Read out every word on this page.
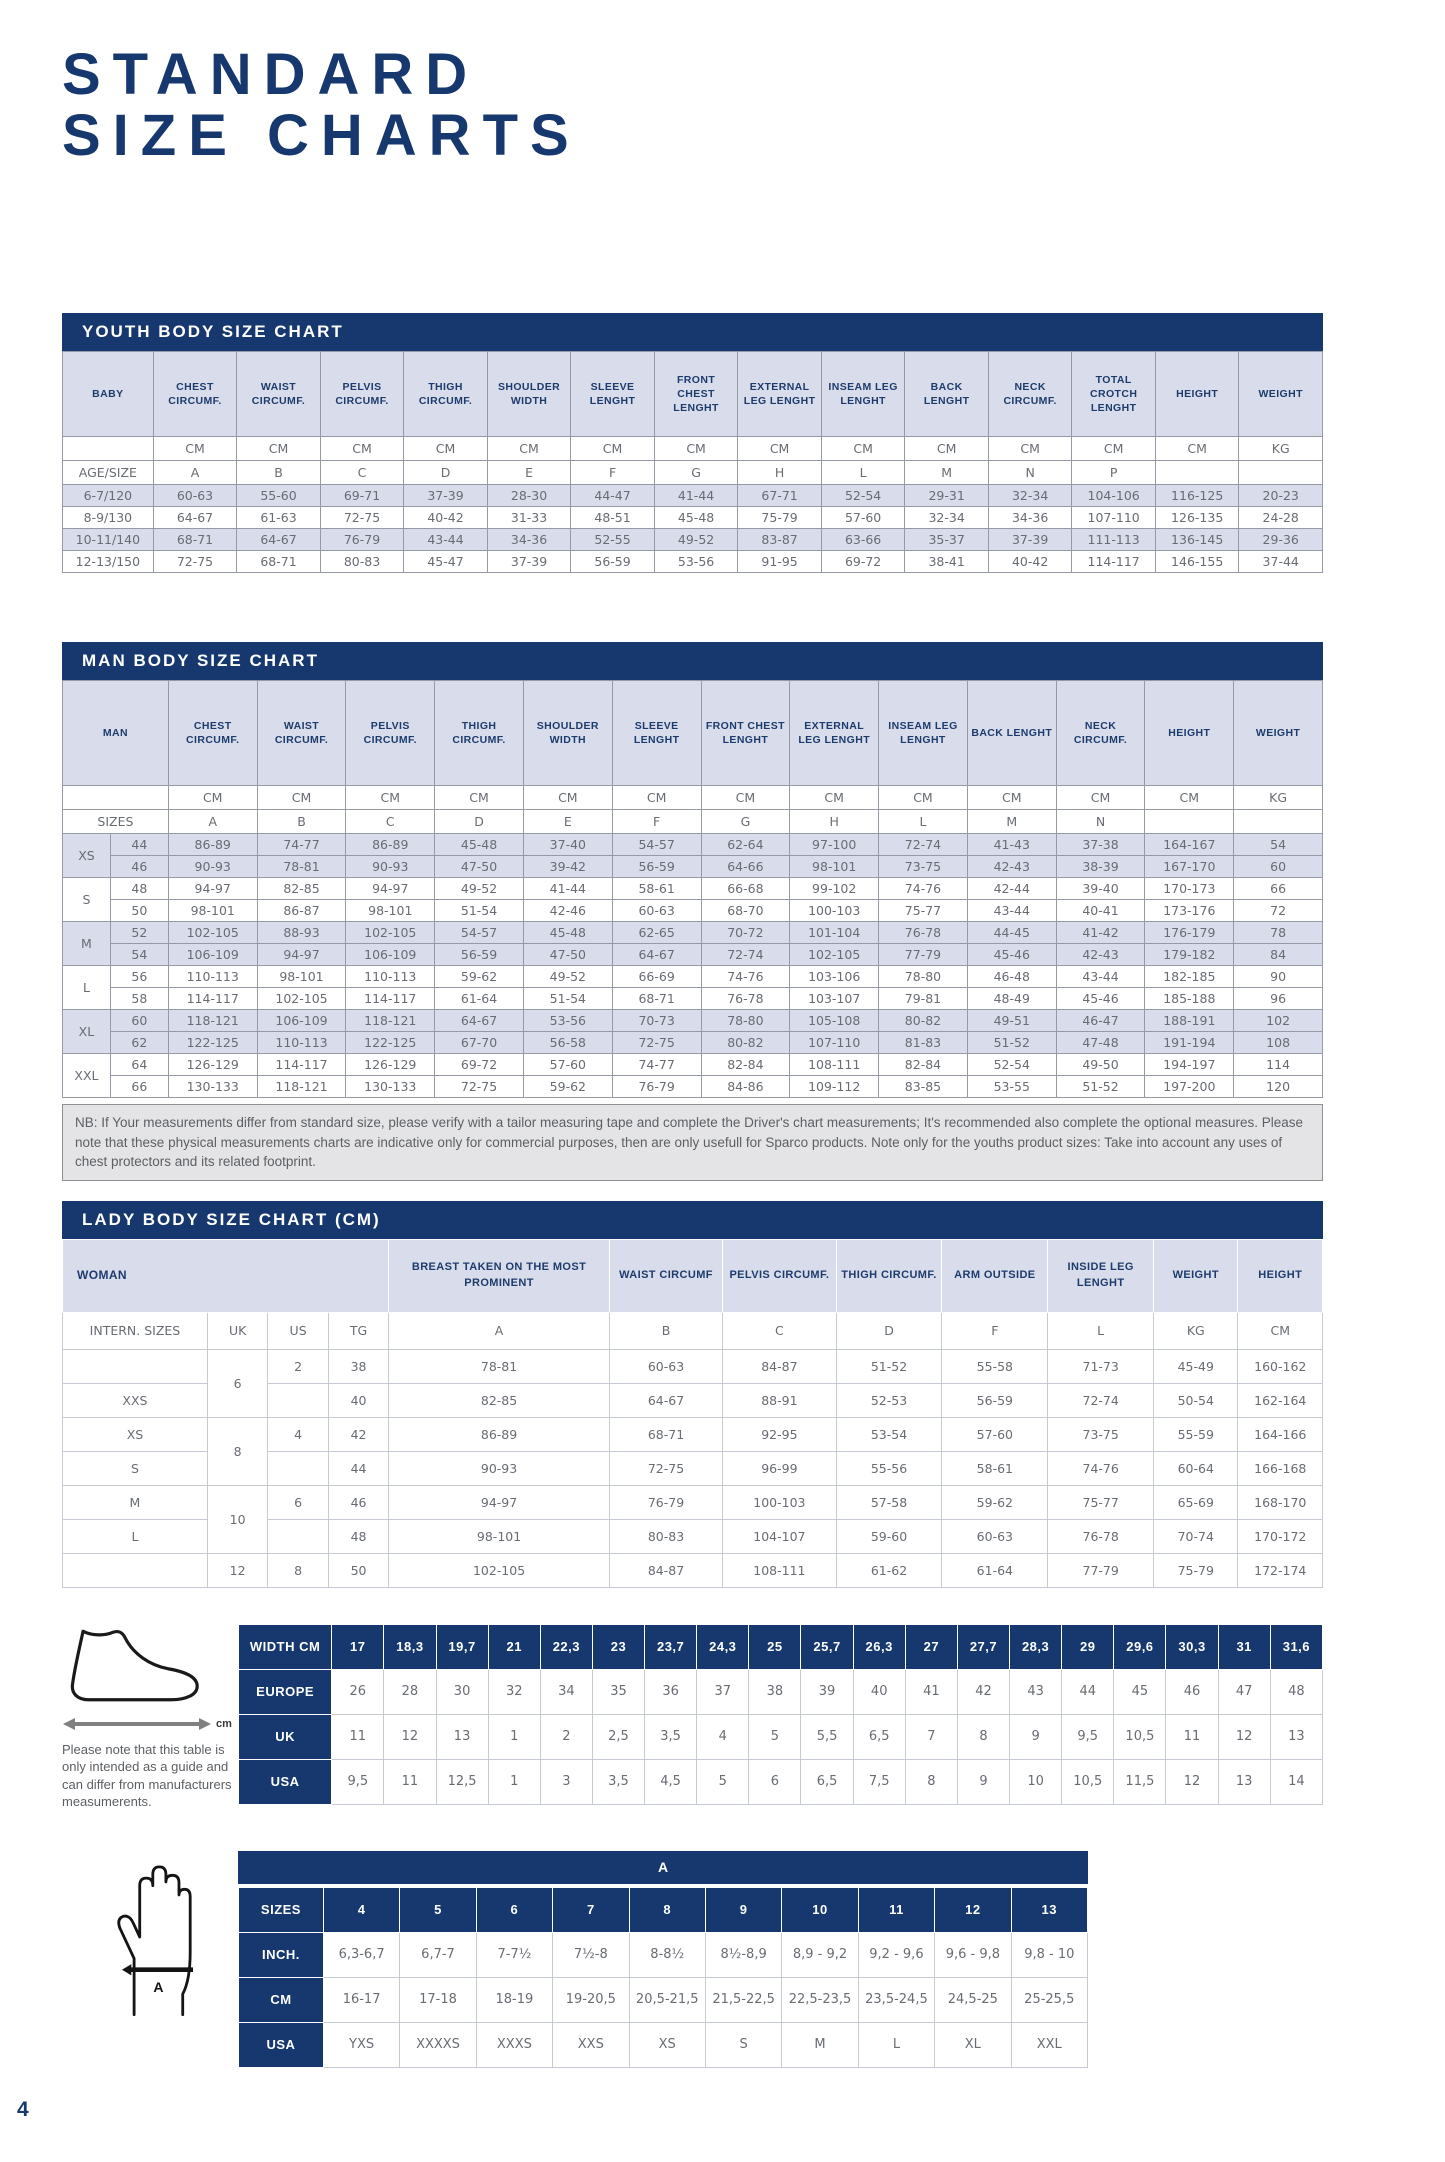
STANDARD
SIZE CHARTS
YOUTH BODY SIZE CHART
BABY	CHEST CIRCUMF.	WAIST CIRCUMF.	PELVIS CIRCUMF.	THIGH CIRCUMF.	SHOULDER WIDTH	SLEEVE LENGHT	FRONT CHEST LENGHT	EXTERNAL LEG LENGHT	INSEAM LEG LENGHT	BACK LENGHT	NECK CIRCUMF.	TOTAL CROTCH LENGHT	HEIGHT	WEIGHT
	CM	CM	CM	CM	CM	CM	CM	CM	CM	CM	CM	CM	CM	KG
AGE/SIZE	A	B	C	D	E	F	G	H	L	M	N	P		
6-7/120	60-63	55-60	69-71	37-39	28-30	44-47	41-44	67-71	52-54	29-31	32-34	104-106	116-125	20-23
8-9/130	64-67	61-63	72-75	40-42	31-33	48-51	45-48	75-79	57-60	32-34	34-36	107-110	126-135	24-28
10-11/140	68-71	64-67	76-79	43-44	34-36	52-55	49-52	83-87	63-66	35-37	37-39	111-113	136-145	29-36
12-13/150	72-75	68-71	80-83	45-47	37-39	56-59	53-56	91-95	69-72	38-41	40-42	114-117	146-155	37-44
MAN BODY SIZE CHART
MAN		CHEST CIRCUMF.	WAIST CIRCUMF.	PELVIS CIRCUMF.	THIGH CIRCUMF.	SHOULDER WIDTH	SLEEVE LENGHT	FRONT CHEST LENGHT	EXTERNAL LEG LENGHT	INSEAM LEG LENGHT	BACK LENGHT	NECK CIRCUMF.	HEIGHT	WEIGHT
		CM	CM	CM	CM	CM	CM	CM	CM	CM	CM	CM	CM	KG
SIZES		A	B	C	D	E	F	G	H	L	M	N		
XS	44	86-89	74-77	86-89	45-48	37-40	54-57	62-64	97-100	72-74	41-43	37-38	164-167	54
	46	90-93	78-81	90-93	47-50	39-42	56-59	64-66	98-101	73-75	42-43	38-39	167-170	60
S	48	94-97	82-85	94-97	49-52	41-44	58-61	66-68	99-102	74-76	42-44	39-40	170-173	66
	50	98-101	86-87	98-101	51-54	42-46	60-63	68-70	100-103	75-77	43-44	40-41	173-176	72
M	52	102-105	88-93	102-105	54-57	45-48	62-65	70-72	101-104	76-78	44-45	41-42	176-179	78
	54	106-109	94-97	106-109	56-59	47-50	64-67	72-74	102-105	77-79	45-46	42-43	179-182	84
L	56	110-113	98-101	110-113	59-62	49-52	66-69	74-76	103-106	78-80	46-48	43-44	182-185	90
	58	114-117	102-105	114-117	61-64	51-54	68-71	76-78	103-107	79-81	48-49	45-46	185-188	96
XL	60	118-121	106-109	118-121	64-67	53-56	70-73	78-80	105-108	80-82	49-51	46-47	188-191	102
	62	122-125	110-113	122-125	67-70	56-58	72-75	80-82	107-110	81-83	51-52	47-48	191-194	108
XXL	64	126-129	114-117	126-129	69-72	57-60	74-77	82-84	108-111	82-84	52-54	49-50	194-197	114
	66	130-133	118-121	130-133	72-75	59-62	76-79	84-86	109-112	83-85	53-55	51-52	197-200	120
NB: If Your measurements differ from standard size, please verify with a tailor measuring tape and complete the Driver's chart measurements; It's recommended also complete the optional measures. Please note that these physical measurements charts are indicative only for commercial purposes, then are only usefull for Sparco products. Note only for the youths product sizes: Take into account any uses of chest protectors and its related footprint.
LADY BODY SIZE CHART (CM)
WOMAN				BREAST TAKEN ON THE MOST PROMINENT	WAIST CIRCUMF	PELVIS CIRCUMF.	THIGH CIRCUMF.	ARM OUTSIDE	INSIDE LEG LENGHT	WEIGHT	HEIGHT
INTERN. SIZES	UK	US	TG	A	B	C	D	F	L	KG	CM
	6	2	38	78-81	60-63	84-87	51-52	55-58	71-73	45-49	160-162
XXS			40	82-85	64-67	88-91	52-53	56-59	72-74	50-54	162-164
XS	8	4	42	86-89	68-71	92-95	53-54	57-60	73-75	55-59	164-166
S			44	90-93	72-75	96-99	55-56	58-61	74-76	60-64	166-168
M	10	6	46	94-97	76-79	100-103	57-58	59-62	75-77	65-69	168-170
L			48	98-101	80-83	104-107	59-60	60-63	76-78	70-74	170-172
	12	8	50	102-105	84-87	108-111	61-62	61-64	77-79	75-79	172-174
cm
Please note that this table is only intended as a guide and can differ from manufacturers measumerents.
WIDTH CM	17	18,3	19,7	21	22,3	23	23,7	24,3	25	25,7	26,3	27	27,7	28,3	29	29,6	30,3	31	31,6
EUROPE	26	28	30	32	34	35	36	37	38	39	40	41	42	43	44	45	46	47	48
UK	11	12	13	1	2	2,5	3,5	4	5	5,5	6,5	7	8	9	9,5	10,5	11	12	13
USA	9,5	11	12,5	1	3	3,5	4,5	5	6	6,5	7,5	8	9	10	10,5	11,5	12	13	14
A
A
SIZES	4	5	6	7	8	9	10	11	12	13
INCH.	6,3-6,7	6,7-7	7-7½	7½-8	8-8½	8½-8,9	8,9 - 9,2	9,2 - 9,6	9,6 - 9,8	9,8 - 10
CM	16-17	17-18	18-19	19-20,5	20,5-21,5	21,5-22,5	22,5-23,5	23,5-24,5	24,5-25	25-25,5
USA	YXS	XXXXS	XXXS	XXS	XS	S	M	L	XL	XXL
4
